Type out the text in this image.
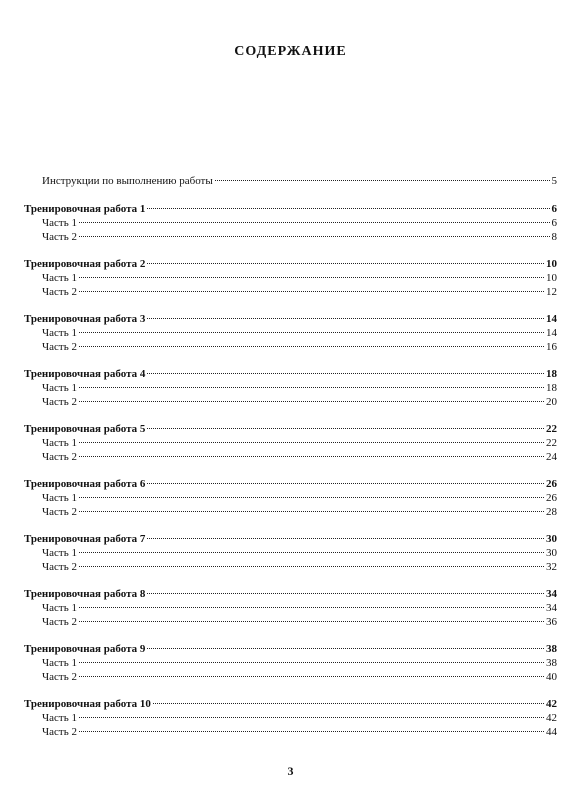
СОДЕРЖАНИЕ
Инструкции по выполнению работы	5
Тренировочная работа 1	6
Часть 1	6
Часть 2	8
Тренировочная работа 2	10
Часть 1	10
Часть 2	12
Тренировочная работа 3	14
Часть 1	14
Часть 2	16
Тренировочная работа 4	18
Часть 1	18
Часть 2	20
Тренировочная работа 5	22
Часть 1	22
Часть 2	24
Тренировочная работа 6	26
Часть 1	26
Часть 2	28
Тренировочная работа 7	30
Часть 1	30
Часть 2	32
Тренировочная работа 8	34
Часть 1	34
Часть 2	36
Тренировочная работа 9	38
Часть 1	38
Часть 2	40
Тренировочная работа 10	42
Часть 1	42
Часть 2	44
3
